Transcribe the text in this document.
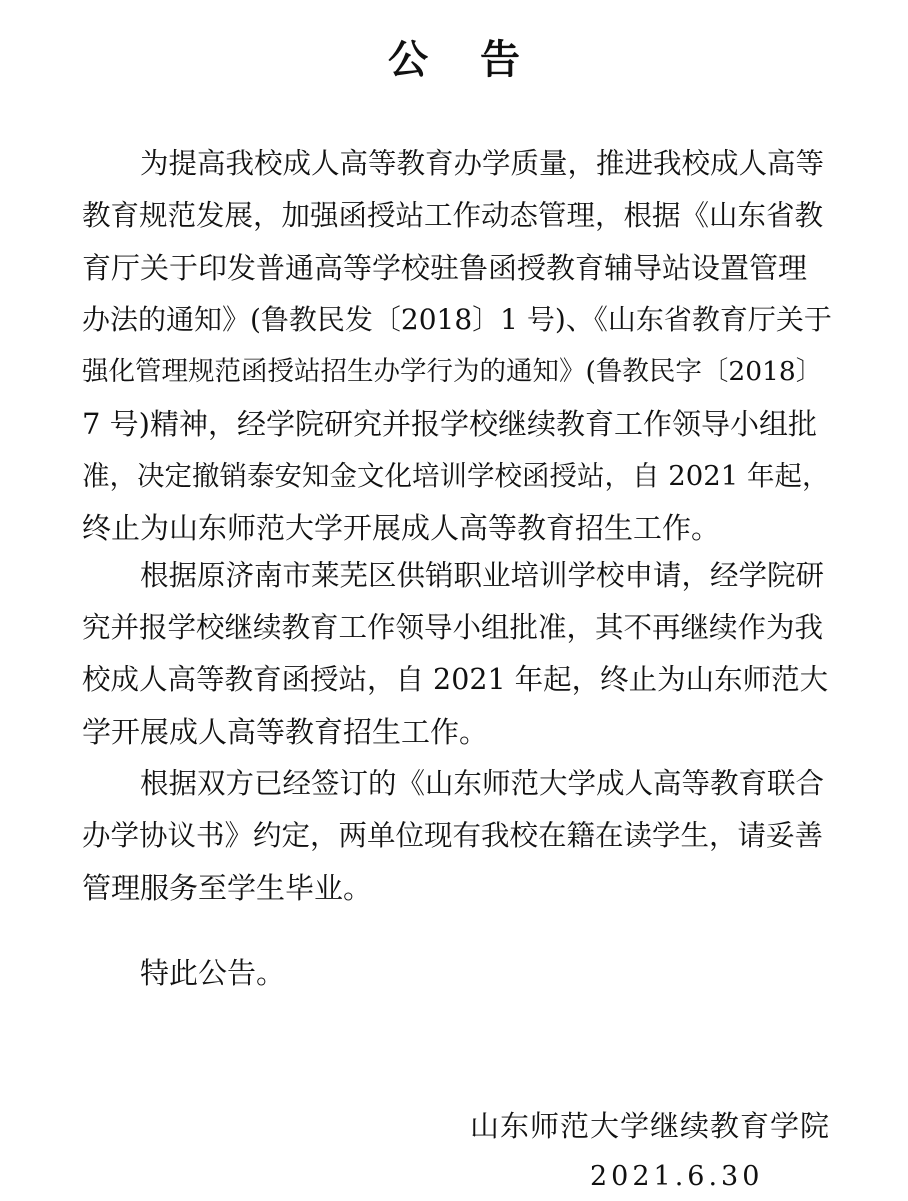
公 告

为提高我校成人高等教育办学质量，推进我校成人高等

教育规范发展，加强函授站工作动态管理，根据《山东省教
育厅关于印发普通高等学校驻鲁函授教育辅导站设置管理
办法的通知》(鲁教民发〔2018〕1 号)、《山东省教育厅关于
强化管理规范函授站招生办学行为的通知》(鲁教民字〔2018〕
7 号)精神，经学院研究并报学校继续教育工作领导小组批
准，决定撤销泰安知金文化培训学校函授站，自 2021 年起，
终止为山东师范大学开展成人高等教育招生工作。
根据原济南市莱芜区供销职业培训学校申请，经学院研
究并报学校继续教育工作领导小组批准，其不再继续作为我
校成人高等教育函授站，自 2021 年起，终止为山东师范大
学开展成人高等教育招生工作。
根据双方已经签订的《山东师范大学成人高等教育联合
办学协议书》约定，两单位现有我校在籍在读学生，请妥善
管理服务至学生毕业。
特此公告。
山东师范大学继续教育学院
2021.6.30
